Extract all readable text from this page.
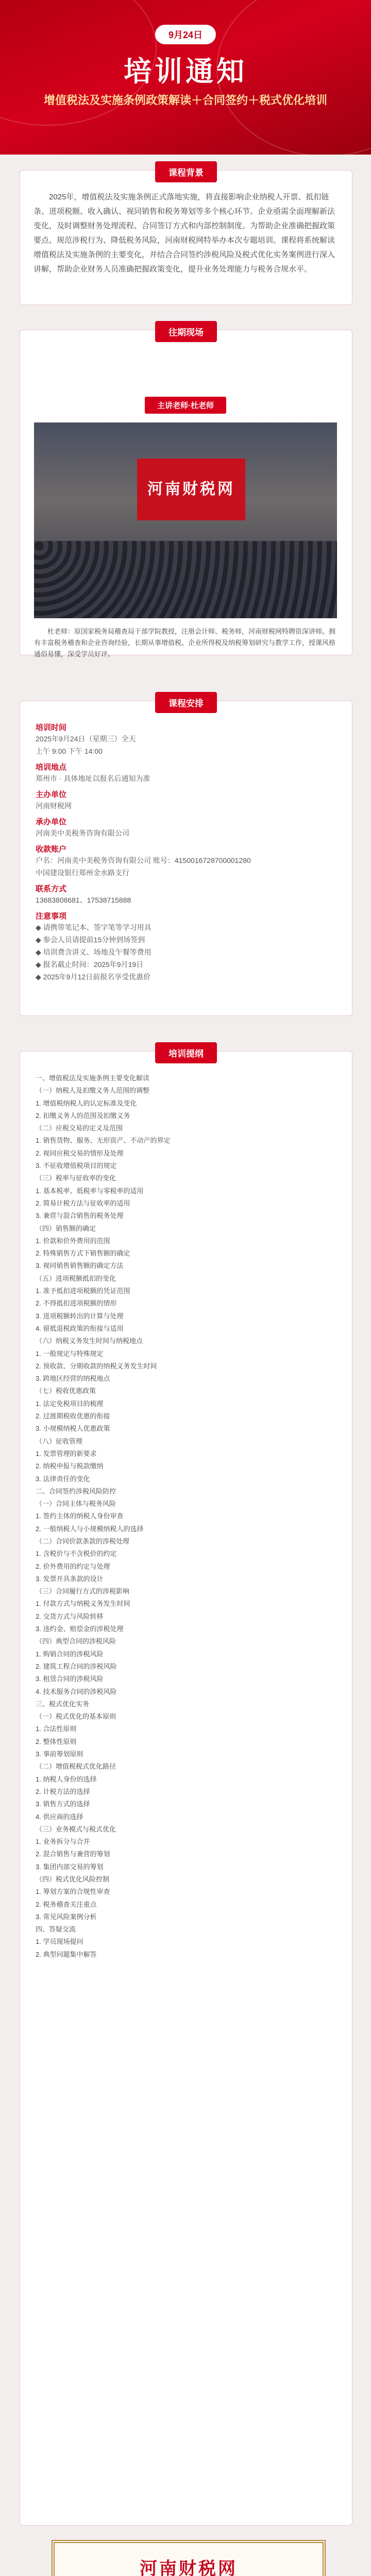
9月24日
培训通知
增值税法及实施条例政策解读＋合同签约＋税式优化培训
课程背景

2025年，增值税法及实施条例正式落地实施，将直接影响企业纳税人开票、抵扣链条、进项税额、收入确认、视同销售和税务筹划等多个核心环节。企业亟需全面理解新法变化，及时调整财务处理流程、合同签订方式和内部控制制度。为帮助企业准确把握政策要点、规范涉税行为、降低税务风险，河南财税网特举办本次专题培训。课程将系统解读增值税法及实施条例的主要变化，并结合合同签约涉税风险及税式优化实务案例进行深入讲解，帮助企业财务人员准确把握政策变化，提升业务处理能力与税务合规水平。

往期现场
主讲老师·杜老师
河南财税网

杜老师：原国家税务局稽查局干部学院教授，注册会计师、税务师，河南财税网特聘资深讲师。拥有丰富税务稽查和企业咨询经验，长期从事增值税、企业所得税及纳税筹划研究与教学工作，授课风格通俗易懂，深受学员好评。

课程安排
培训时间
2025年9月24日（星期三）全天
上午 9:00 下午 14:00
培训地点
郑州市 · 具体地址以报名后通知为准
主办单位
河南财税网
承办单位
河南美中美税务咨询有限公司
收款账户
户名：河南美中美税务咨询有限公司 账号：4150016728700001280
中国建设银行郑州金水路支行
联系方式
13683808681、17538715888
注意事项
◆ 请携带笔记本、签字笔等学习用具
◆ 参会人员请提前15分钟到场签到
◆ 培训费含讲义、场地及午餐等费用
◆ 报名截止时间：2025年9月19日
◆ 2025年9月12日前报名享受优惠价
培训提纲
一、增值税法及实施条例主要变化解读
（一）纳税人及扣缴义务人范围的调整
1. 增值税纳税人的认定标准及变化
2. 扣缴义务人的范围及扣缴义务
（二）应税交易的定义及范围
1. 销售货物、服务、无形资产、不动产的界定
2. 视同应税交易的情形及处理
3. 不征收增值税项目的规定
（三）税率与征收率的变化
1. 基本税率、低税率与零税率的适用
2. 简易计税方法与征收率的适用
3. 兼营与混合销售的税务处理
（四）销售额的确定
1. 价款和价外费用的范围
2. 特殊销售方式下销售额的确定
3. 视同销售销售额的确定方法
（五）进项税额抵扣的变化
1. 准予抵扣进项税额的凭证范围
2. 不得抵扣进项税额的情形
3. 进项税额转出的计算与处理
4. 留抵退税政策的衔接与适用
（六）纳税义务发生时间与纳税地点
1. 一般规定与特殊规定
2. 预收款、分期收款的纳税义务发生时间
3. 跨地区经营的纳税地点
（七）税收优惠政策
1. 法定免税项目的梳理
2. 过渡期税收优惠的衔接
3. 小规模纳税人优惠政策
（八）征收管理
1. 发票管理的新要求
2. 纳税申报与税款缴纳
3. 法律责任的变化
二、合同签约涉税风险防控
（一）合同主体与税务风险
1. 签约主体的纳税人身份审查
2. 一般纳税人与小规模纳税人的选择
（二）合同价款条款的涉税处理
1. 含税价与不含税价的约定
2. 价外费用的约定与处理
3. 发票开具条款的设计
（三）合同履行方式的涉税影响
1. 付款方式与纳税义务发生时间
2. 交货方式与风险转移
3. 违约金、赔偿金的涉税处理
（四）典型合同的涉税风险
1. 购销合同的涉税风险
2. 建筑工程合同的涉税风险
3. 租赁合同的涉税风险
4. 技术服务合同的涉税风险
三、税式优化实务
（一）税式优化的基本原则
1. 合法性原则
2. 整体性原则
3. 事前筹划原则
（二）增值税税式优化路径
1. 纳税人身份的选择
2. 计税方法的选择
3. 销售方式的选择
4. 供应商的选择
（三）业务模式与税式优化
1. 业务拆分与合并
2. 混合销售与兼营的筹划
3. 集团内部交易的筹划
（四）税式优化风险控制
1. 筹划方案的合规性审查
2. 税务稽查关注重点
3. 常见风险案例分析
四、答疑交流
1. 学员现场提问
2. 典型问题集中解答
河南财税网
